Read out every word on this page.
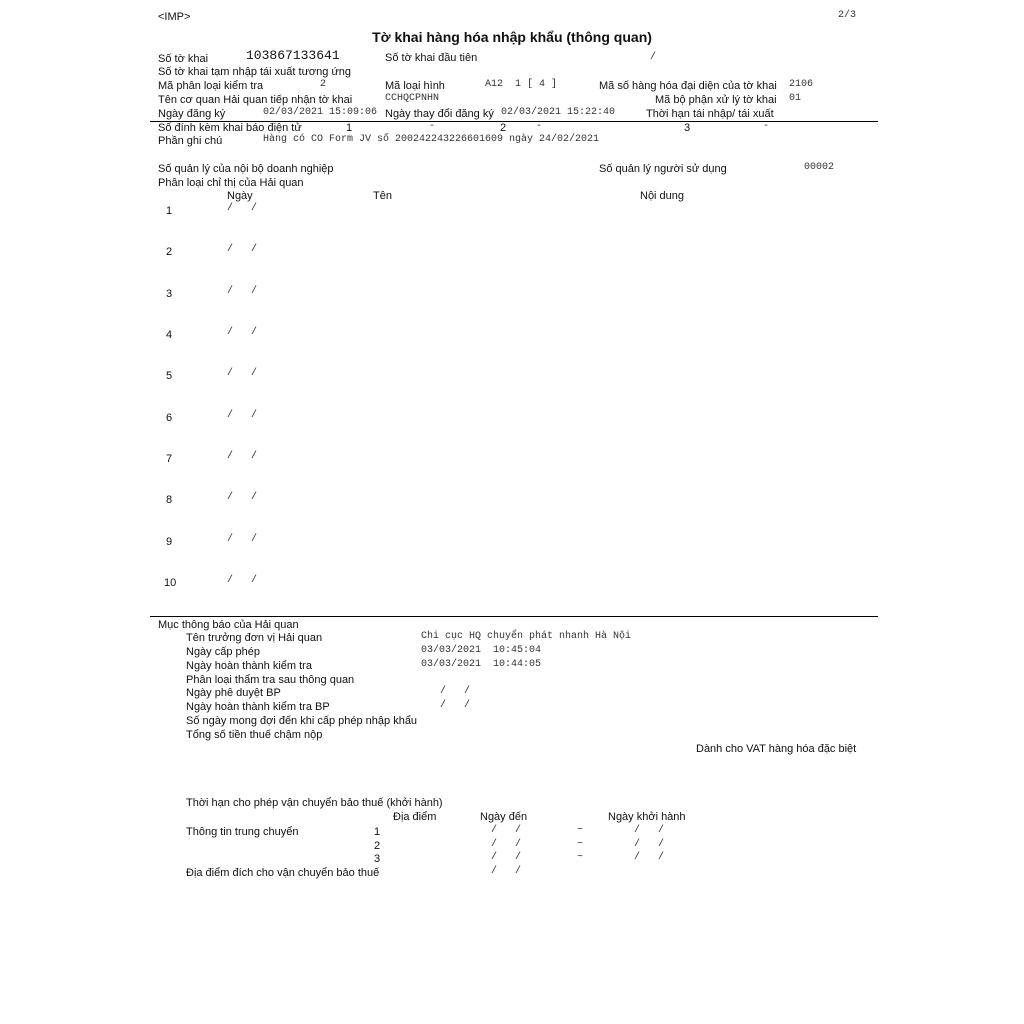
<IMP>	2/3
Tờ khai hàng hóa nhập khẩu (thông quan)
Số tờ khai	103867133641	Số tờ khai đầu tiên	/
Số tờ khai tạm nhập tái xuất tương ứng
Mã phân loại kiểm tra	2	Mã loại hình	A12  1 [ 4 ]	Mã số hàng hóa đại diện của tờ khai 2106
Tên cơ quan Hải quan tiếp nhận tờ khai	CCHQCPNHN	Mã bộ phận xử lý tờ khai 01
Ngày đăng ký	02/03/2021 15:09:06 Ngày thay đổi đăng ký 02/03/2021 15:22:40	Thời hạn tái nhập/ tái xuất
Số đính kèm khai báo điện tử	1	-	2	-	3	-
Phần ghi chú	Hàng có CO Form JV số 200242243226601609 ngày 24/02/2021
Số quản lý của nội bộ doanh nghiệp	Số quản lý người sử dụng	00002
Phân loại chỉ thị của Hải quan
Ngày	Tên	Nội dung
1	/   /
2	/   /
3	/   /
4	/   /
5	/   /
6	/   /
7	/   /
8	/   /
9	/   /
10	/   /
Mục thông báo của Hải quan
Tên trưởng đơn vị Hải quan	Chi cục HQ chuyển phát nhanh Hà Nội
Ngày cấp phép	03/03/2021  10:45:04
Ngày hoàn thành kiểm tra	03/03/2021  10:44:05
Phân loại thẩm tra sau thông quan
Ngày phê duyệt BP	/   /
Ngày hoàn thành kiểm tra BP	/   /
Số ngày mong đợi đến khi cấp phép nhập khẩu
Tổng số tiền thuế chậm nộp
Dành cho VAT hàng hóa đặc biệt
Thời hạn cho phép vận chuyển bảo thuế (khởi hành)
Địa điểm	Ngày đến	Ngày khởi hành
Thông tin trung chuyển	1	/   /	~	/   /
2	/   /	~	/   /
3	/   /	~	/   /
Địa điểm đích cho vận chuyển bảo thuế	/   /
